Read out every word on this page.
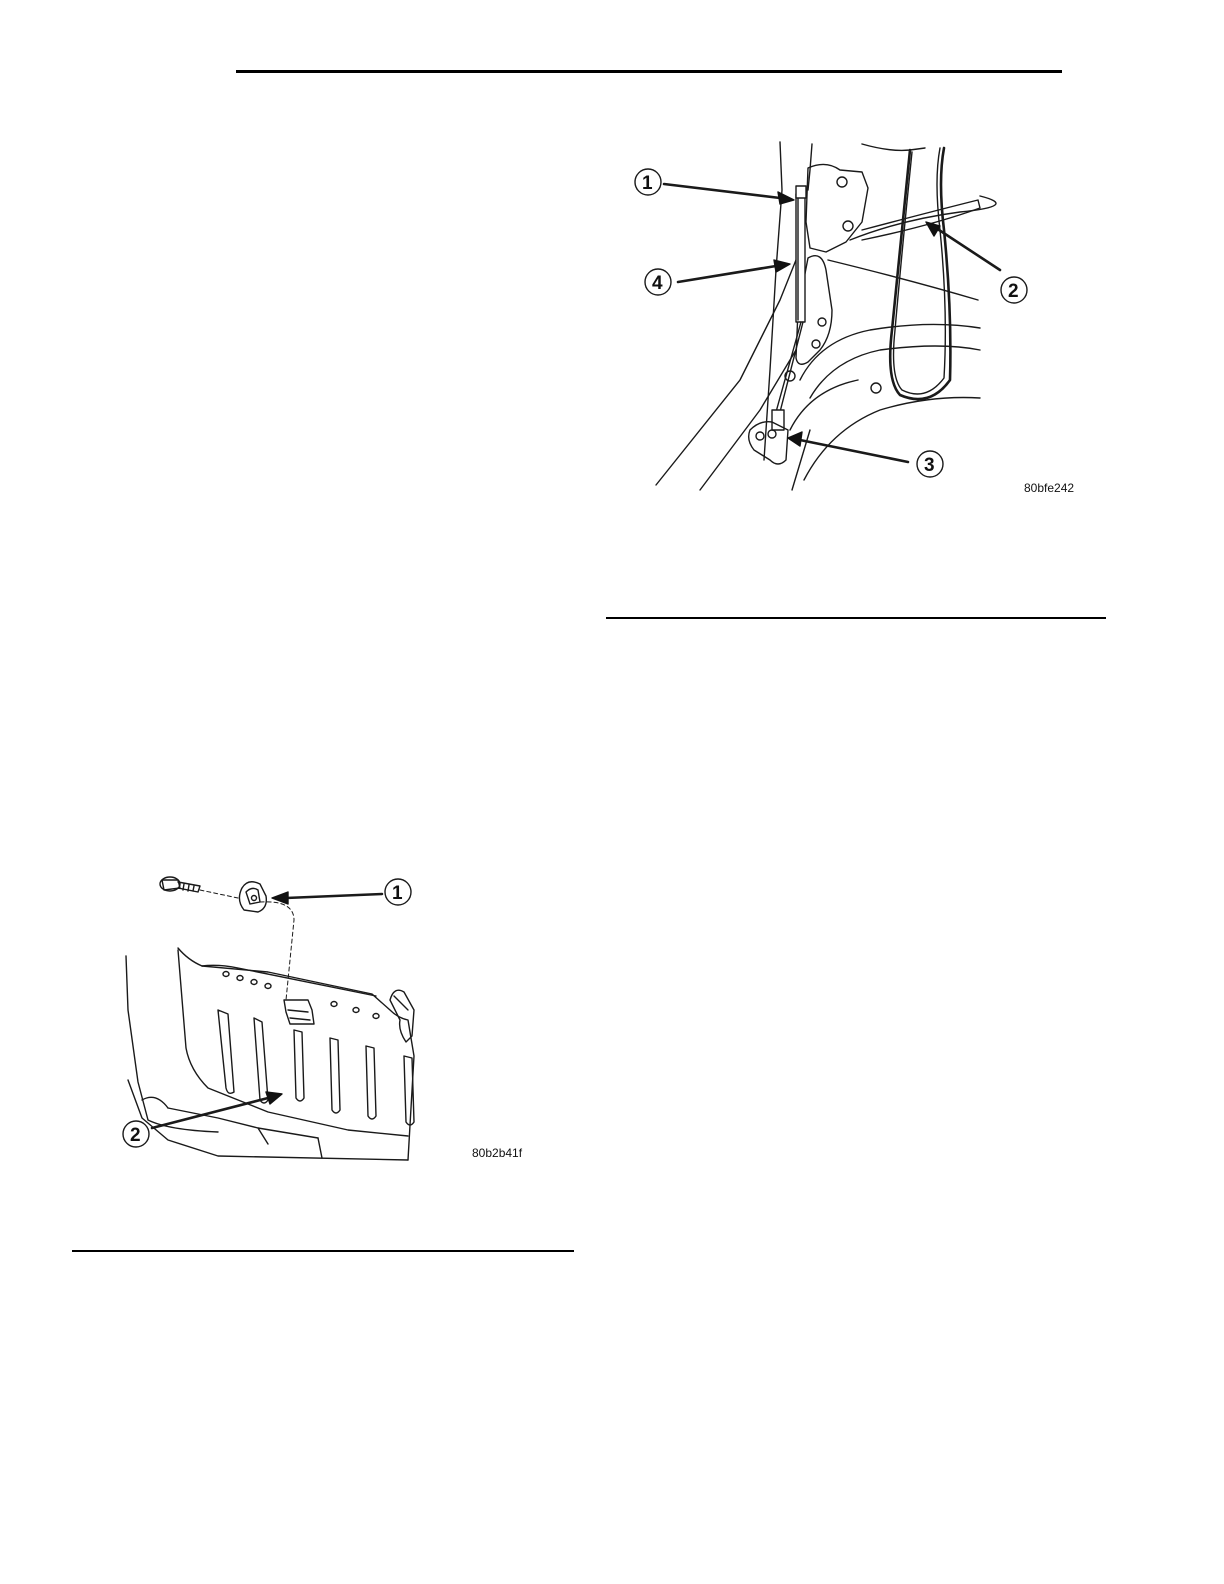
1
4	2
3
80bfe242
1
2
80b2b41f
